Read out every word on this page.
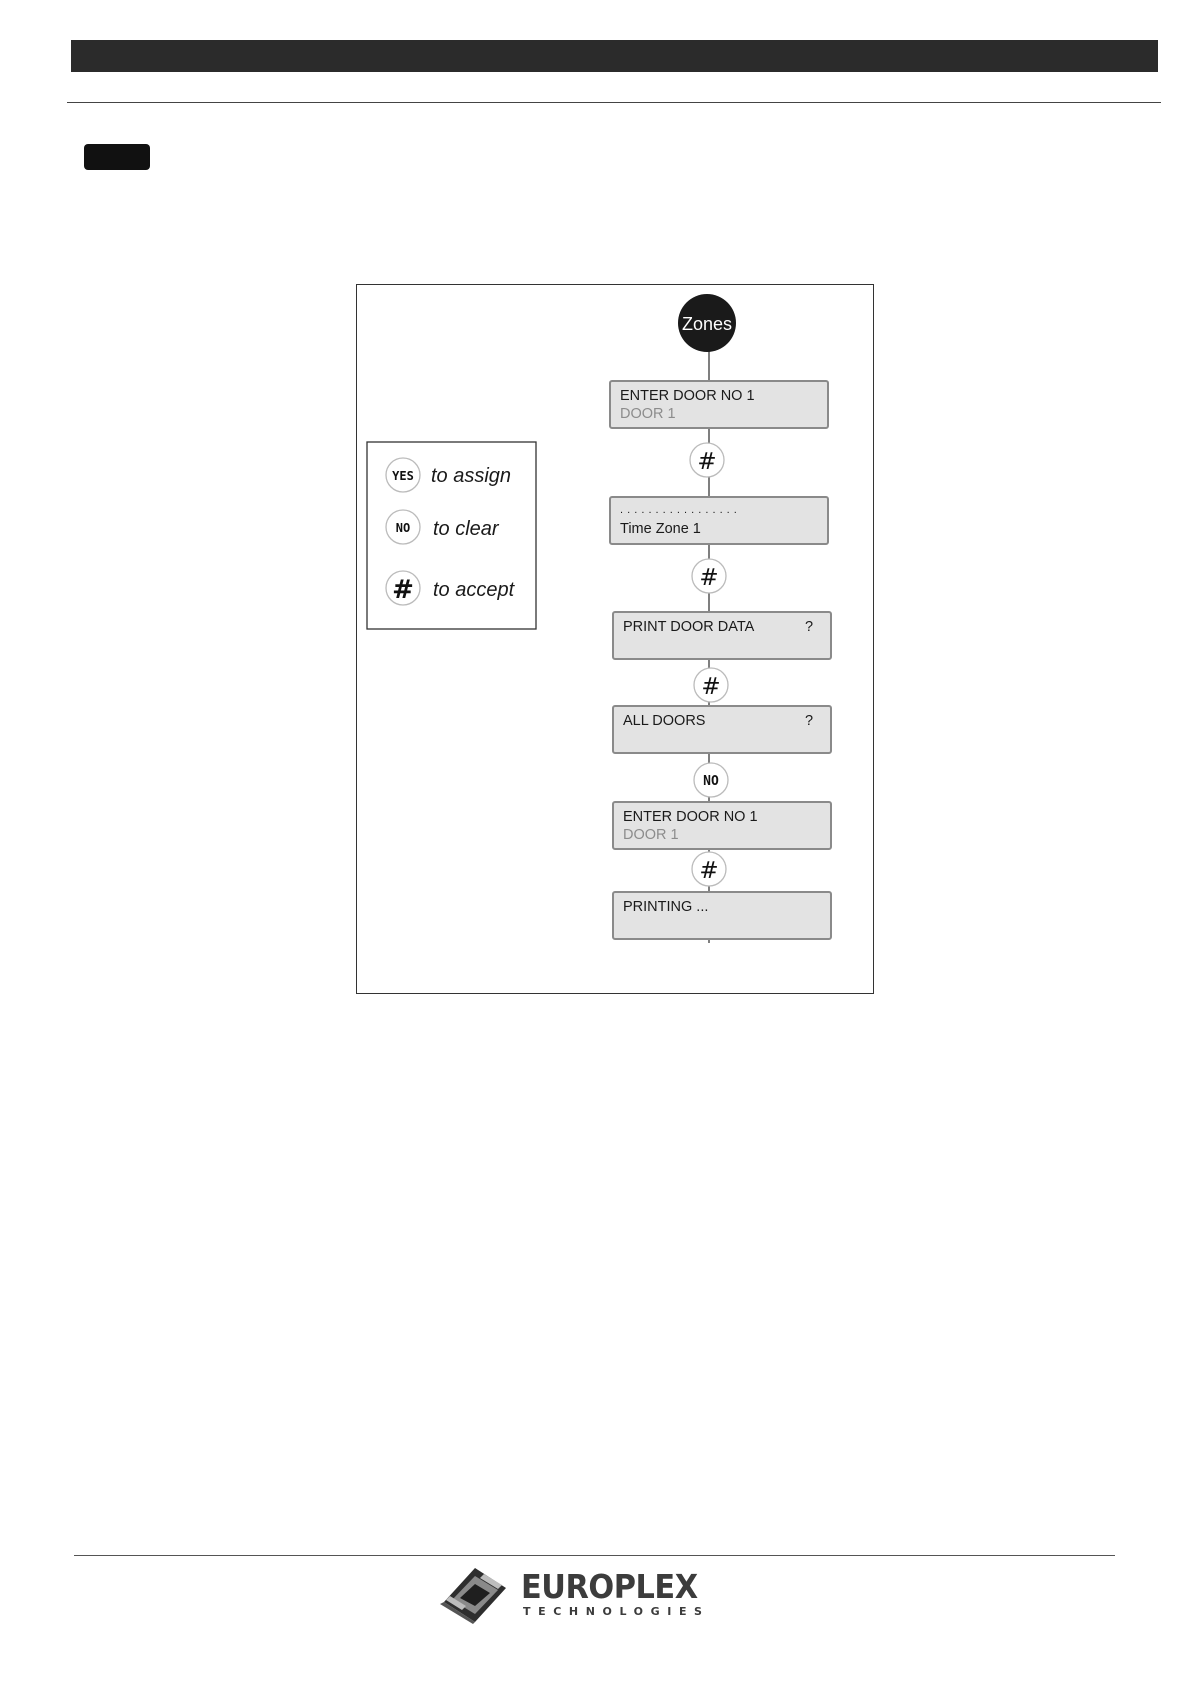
Zones
ENTER DOOR NO 1
DOOR 1
#
. . . . . . . . . . . . . . . . .
Time Zone 1
#
PRINT DOOR DATA	?
#
ALL DOORS	?
NO
ENTER DOOR NO 1
DOOR 1
#
PRINTING ...
YES to assign
NO to clear
# to accept
EUROPLEX
TECHNOLOGIES
